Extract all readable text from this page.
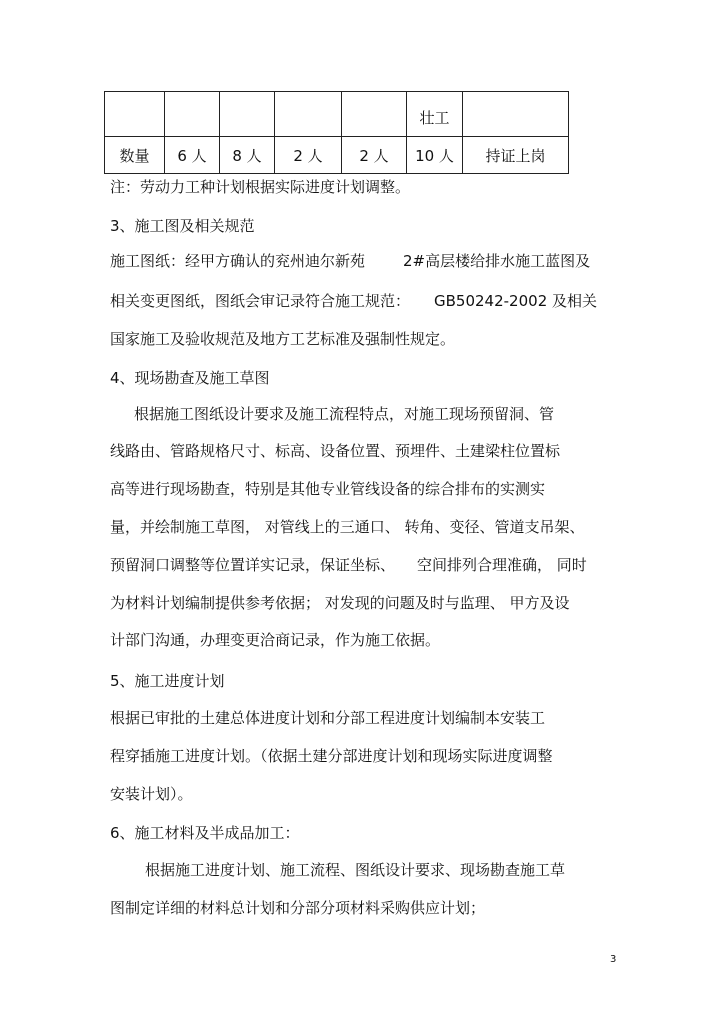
					壮工	
数量	6 人	8 人	2 人	2 人	10 人	持证上岗
注：劳动力工种计划根据实际进度计划调整。
3、施工图及相关规范
施工图纸：经甲方确认的兖州迪尔新苑	2#高层楼给排水施工蓝图及
相关变更图纸，图纸会审记录符合施工规范： GB50242-2002 及相关
国家施工及验收规范及地方工艺标准及强制性规定。
4、现场勘查及施工草图
根据施工图纸设计要求及施工流程特点，对施工现场预留洞、管
线路由、管路规格尺寸、标高、设备位置、预埋件、土建梁柱位置标
高等进行现场勘查，特别是其他专业管线设备的综合排布的实测实
量，并绘制施工草图， 对管线上的三通口、 转角、变径、管道支吊架、
预留洞口调整等位置详实记录，保证坐标、 空间排列合理准确， 同时
为材料计划编制提供参考依据； 对发现的问题及时与监理、 甲方及设
计部门沟通，办理变更洽商记录，作为施工依据。
5、施工进度计划
根据已审批的土建总体进度计划和分部工程进度计划编制本安装工
程穿插施工进度计划。（依据土建分部进度计划和现场实际进度调整
安装计划）。
6、施工材料及半成品加工：
根据施工进度计划、施工流程、图纸设计要求、现场勘查施工草
图制定详细的材料总计划和分部分项材料采购供应计划；
3
